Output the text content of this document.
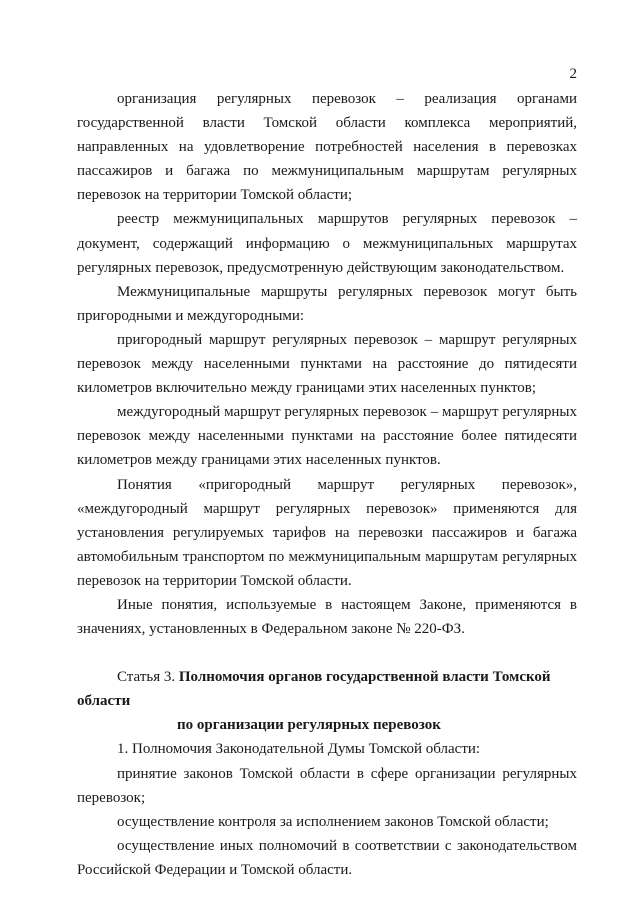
2

организация регулярных перевозок – реализация органами государственной власти Томской области комплекса мероприятий, направленных на удовлетворение потребностей населения в перевозках пассажиров и багажа по межмуниципальным маршрутам регулярных перевозок на территории Томской области;

реестр межмуниципальных маршрутов регулярных перевозок – документ, содержащий информацию о межмуниципальных маршрутах регулярных перевозок, предусмотренную действующим законодательством.

Межмуниципальные маршруты регулярных перевозок могут быть пригородными и междугородными:

пригородный маршрут регулярных перевозок – маршрут регулярных перевозок между населенными пунктами на расстояние до пятидесяти километров включительно между границами этих населенных пунктов;

междугородный маршрут регулярных перевозок – маршрут регулярных перевозок между населенными пунктами на расстояние более пятидесяти километров между границами этих населенных пунктов.

Понятия «пригородный маршрут регулярных перевозок», «междугородный маршрут регулярных перевозок» применяются для установления регулируемых тарифов на перевозки пассажиров и багажа автомобильным транспортом по межмуниципальным маршрутам регулярных перевозок на территории Томской области.

Иные понятия, используемые в настоящем Законе, применяются в значениях, установленных в Федеральном законе № 220-ФЗ.

Статья 3. Полномочия органов государственной власти Томской области

по организации регулярных перевозок

1. Полномочия Законодательной Думы Томской области:

принятие законов Томской области в сфере организации регулярных перевозок;

осуществление контроля за исполнением законов Томской области;

осуществление иных полномочий в соответствии с законодательством Российской Федерации и Томской области.
